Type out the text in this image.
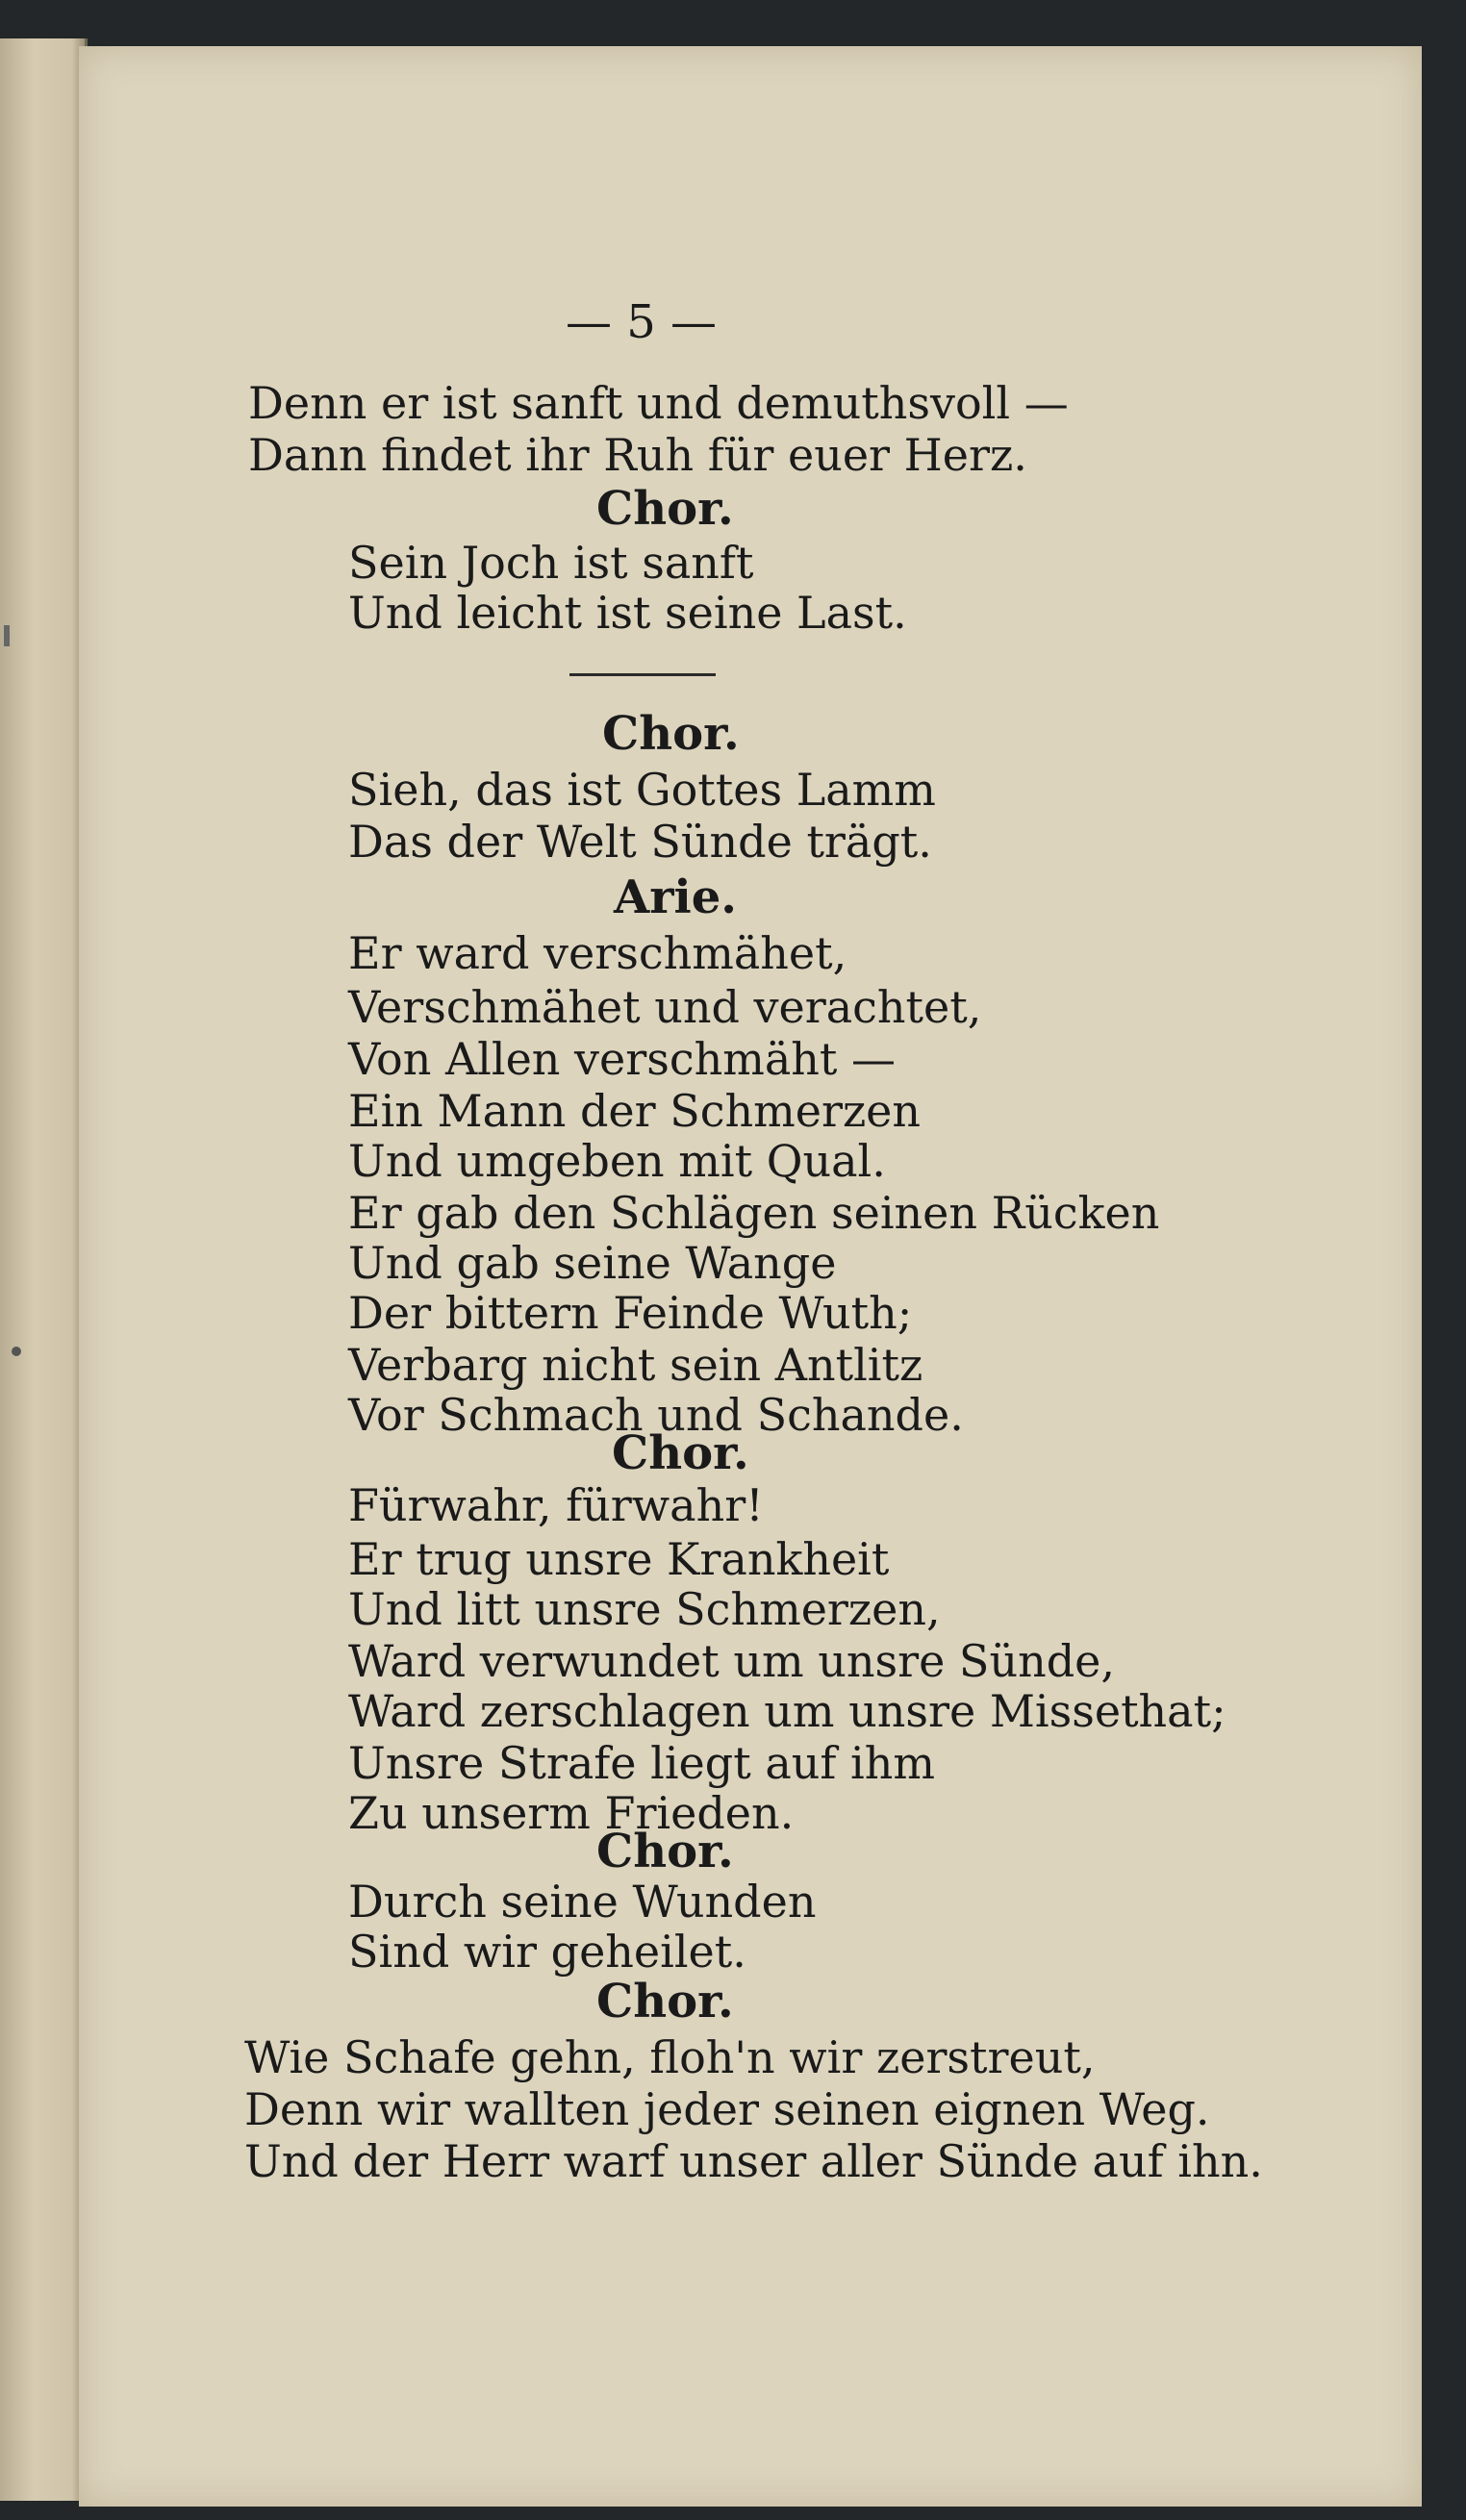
— 5 —
Denn er ist sanft und demuthsvoll —
Dann findet ihr Ruh für euer Herz.
Chor.
Sein Joch ist sanft
Und leicht ist seine Last.
Chor.
Sieh, das ist Gottes Lamm
Das der Welt Sünde trägt.
Arie.
Er ward verschmähet,
Verschmähet und verachtet,
Von Allen verschmäht —
Ein Mann der Schmerzen
Und umgeben mit Qual.
Er gab den Schlägen seinen Rücken
Und gab seine Wange
Der bittern Feinde Wuth;
Verbarg nicht sein Antlitz
Vor Schmach und Schande.
Chor.
Fürwahr, fürwahr!
Er trug unsre Krankheit
Und litt unsre Schmerzen,
Ward verwundet um unsre Sünde,
Ward zerschlagen um unsre Missethat;
Unsre Strafe liegt auf ihm
Zu unserm Frieden.
Chor.
Durch seine Wunden
Sind wir geheilet.
Chor.
Wie Schafe gehn, floh'n wir zerstreut,
Denn wir wallten jeder seinen eignen Weg.
Und der Herr warf unser aller Sünde auf ihn.
